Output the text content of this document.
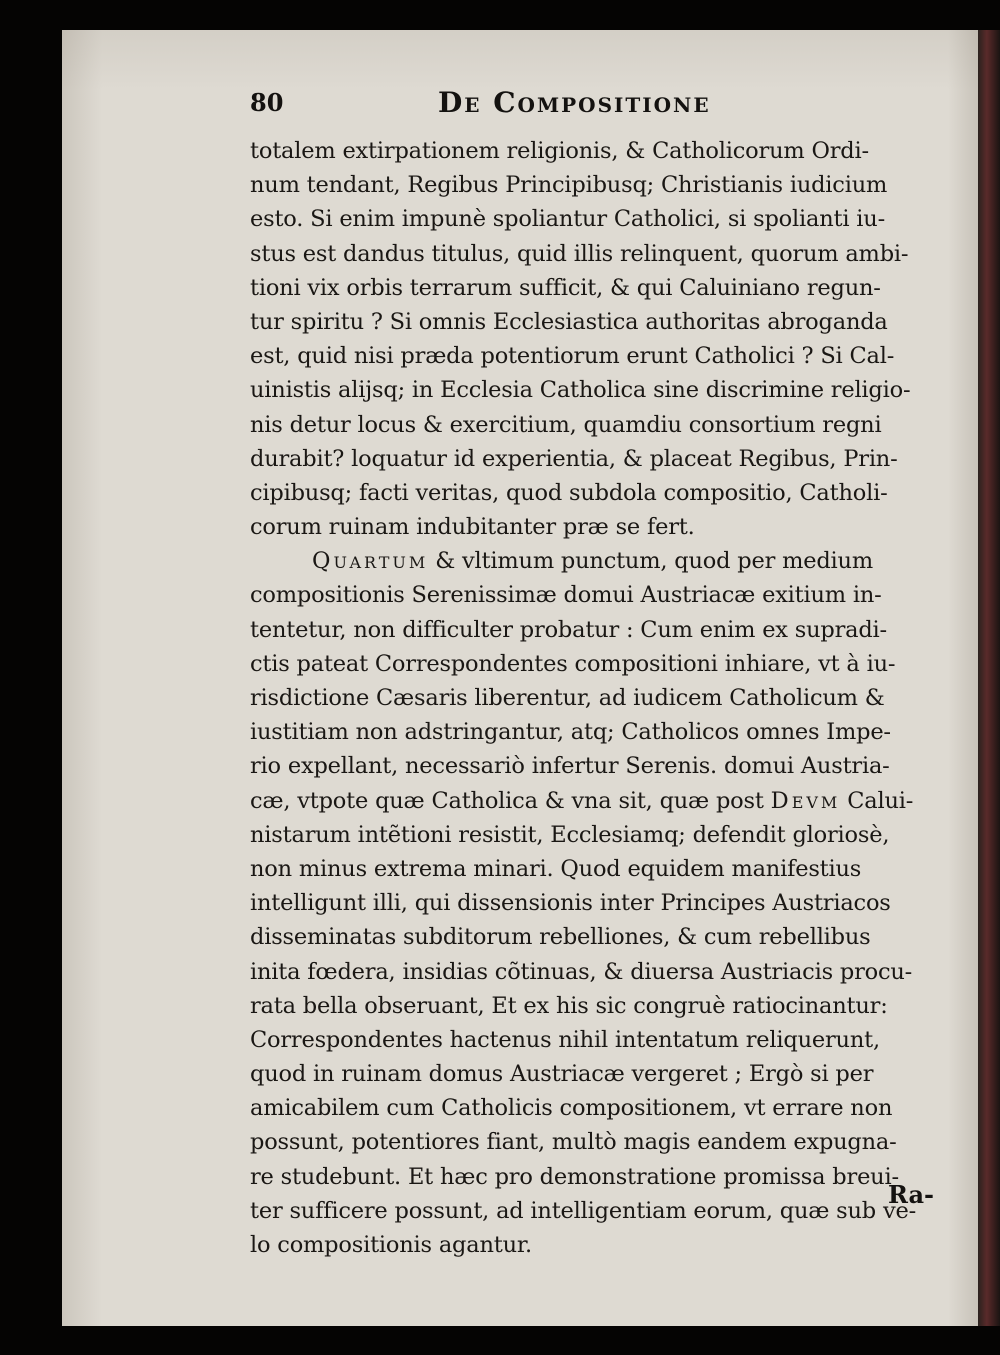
80	De Compositione
totalem extirpationem religionis, & Catholicorum Ordi-
num tendant, Regibus Principibusq; Christianis iudicium
esto. Si enim impunè spoliantur Catholici, si spolianti iu-
stus est dandus titulus, quid illis relinquent, quorum ambi-
tioni vix orbis terrarum sufficit, & qui Caluiniano regun-
tur spiritu ? Si omnis Ecclesiastica authoritas abroganda
est, quid nisi præda potentiorum erunt Catholici ? Si Cal-
uinistis alijsq; in Ecclesia Catholica sine discrimine religio-
nis detur locus & exercitium, quamdiu consortium regni
durabit? loquatur id experientia, & placeat Regibus, Prin-
cipibusq; facti veritas, quod subdola compositio, Catholi-
corum ruinam indubitanter præ se fert.
Quartum & vltimum punctum, quod per medium
compositionis Serenissimæ domui Austriacæ exitium in-
tentetur, non difficulter probatur : Cum enim ex supradi-
ctis pateat Correspondentes compositioni inhiare, vt à iu-
risdictione Cæsaris liberentur, ad iudicem Catholicum &
iustitiam non adstringantur, atq; Catholicos omnes Impe-
rio expellant, necessariò infertur Serenis. domui Austria-
cæ, vtpote quæ Catholica & vna sit, quæ post Devm Calui-
nistarum intẽtioni resistit, Ecclesiamq; defendit gloriosè,
non minus extrema minari. Quod equidem manifestius
intelligunt illi, qui dissensionis inter Principes Austriacos
disseminatas subditorum rebelliones, & cum rebellibus
inita fœdera, insidias cõtinuas, & diuersa Austriacis procu-
rata bella obseruant, Et ex his sic congruè ratiocinantur:
Correspondentes hactenus nihil intentatum reliquerunt,
quod in ruinam domus Austriacæ vergeret ; Ergò si per
amicabilem cum Catholicis compositionem, vt errare non
possunt, potentiores fiant, multò magis eandem expugna-
re studebunt. Et hæc pro demonstratione promissa breui-
ter sufficere possunt, ad intelligentiam eorum, quæ sub ve-
lo compositionis agantur.
Ra-
